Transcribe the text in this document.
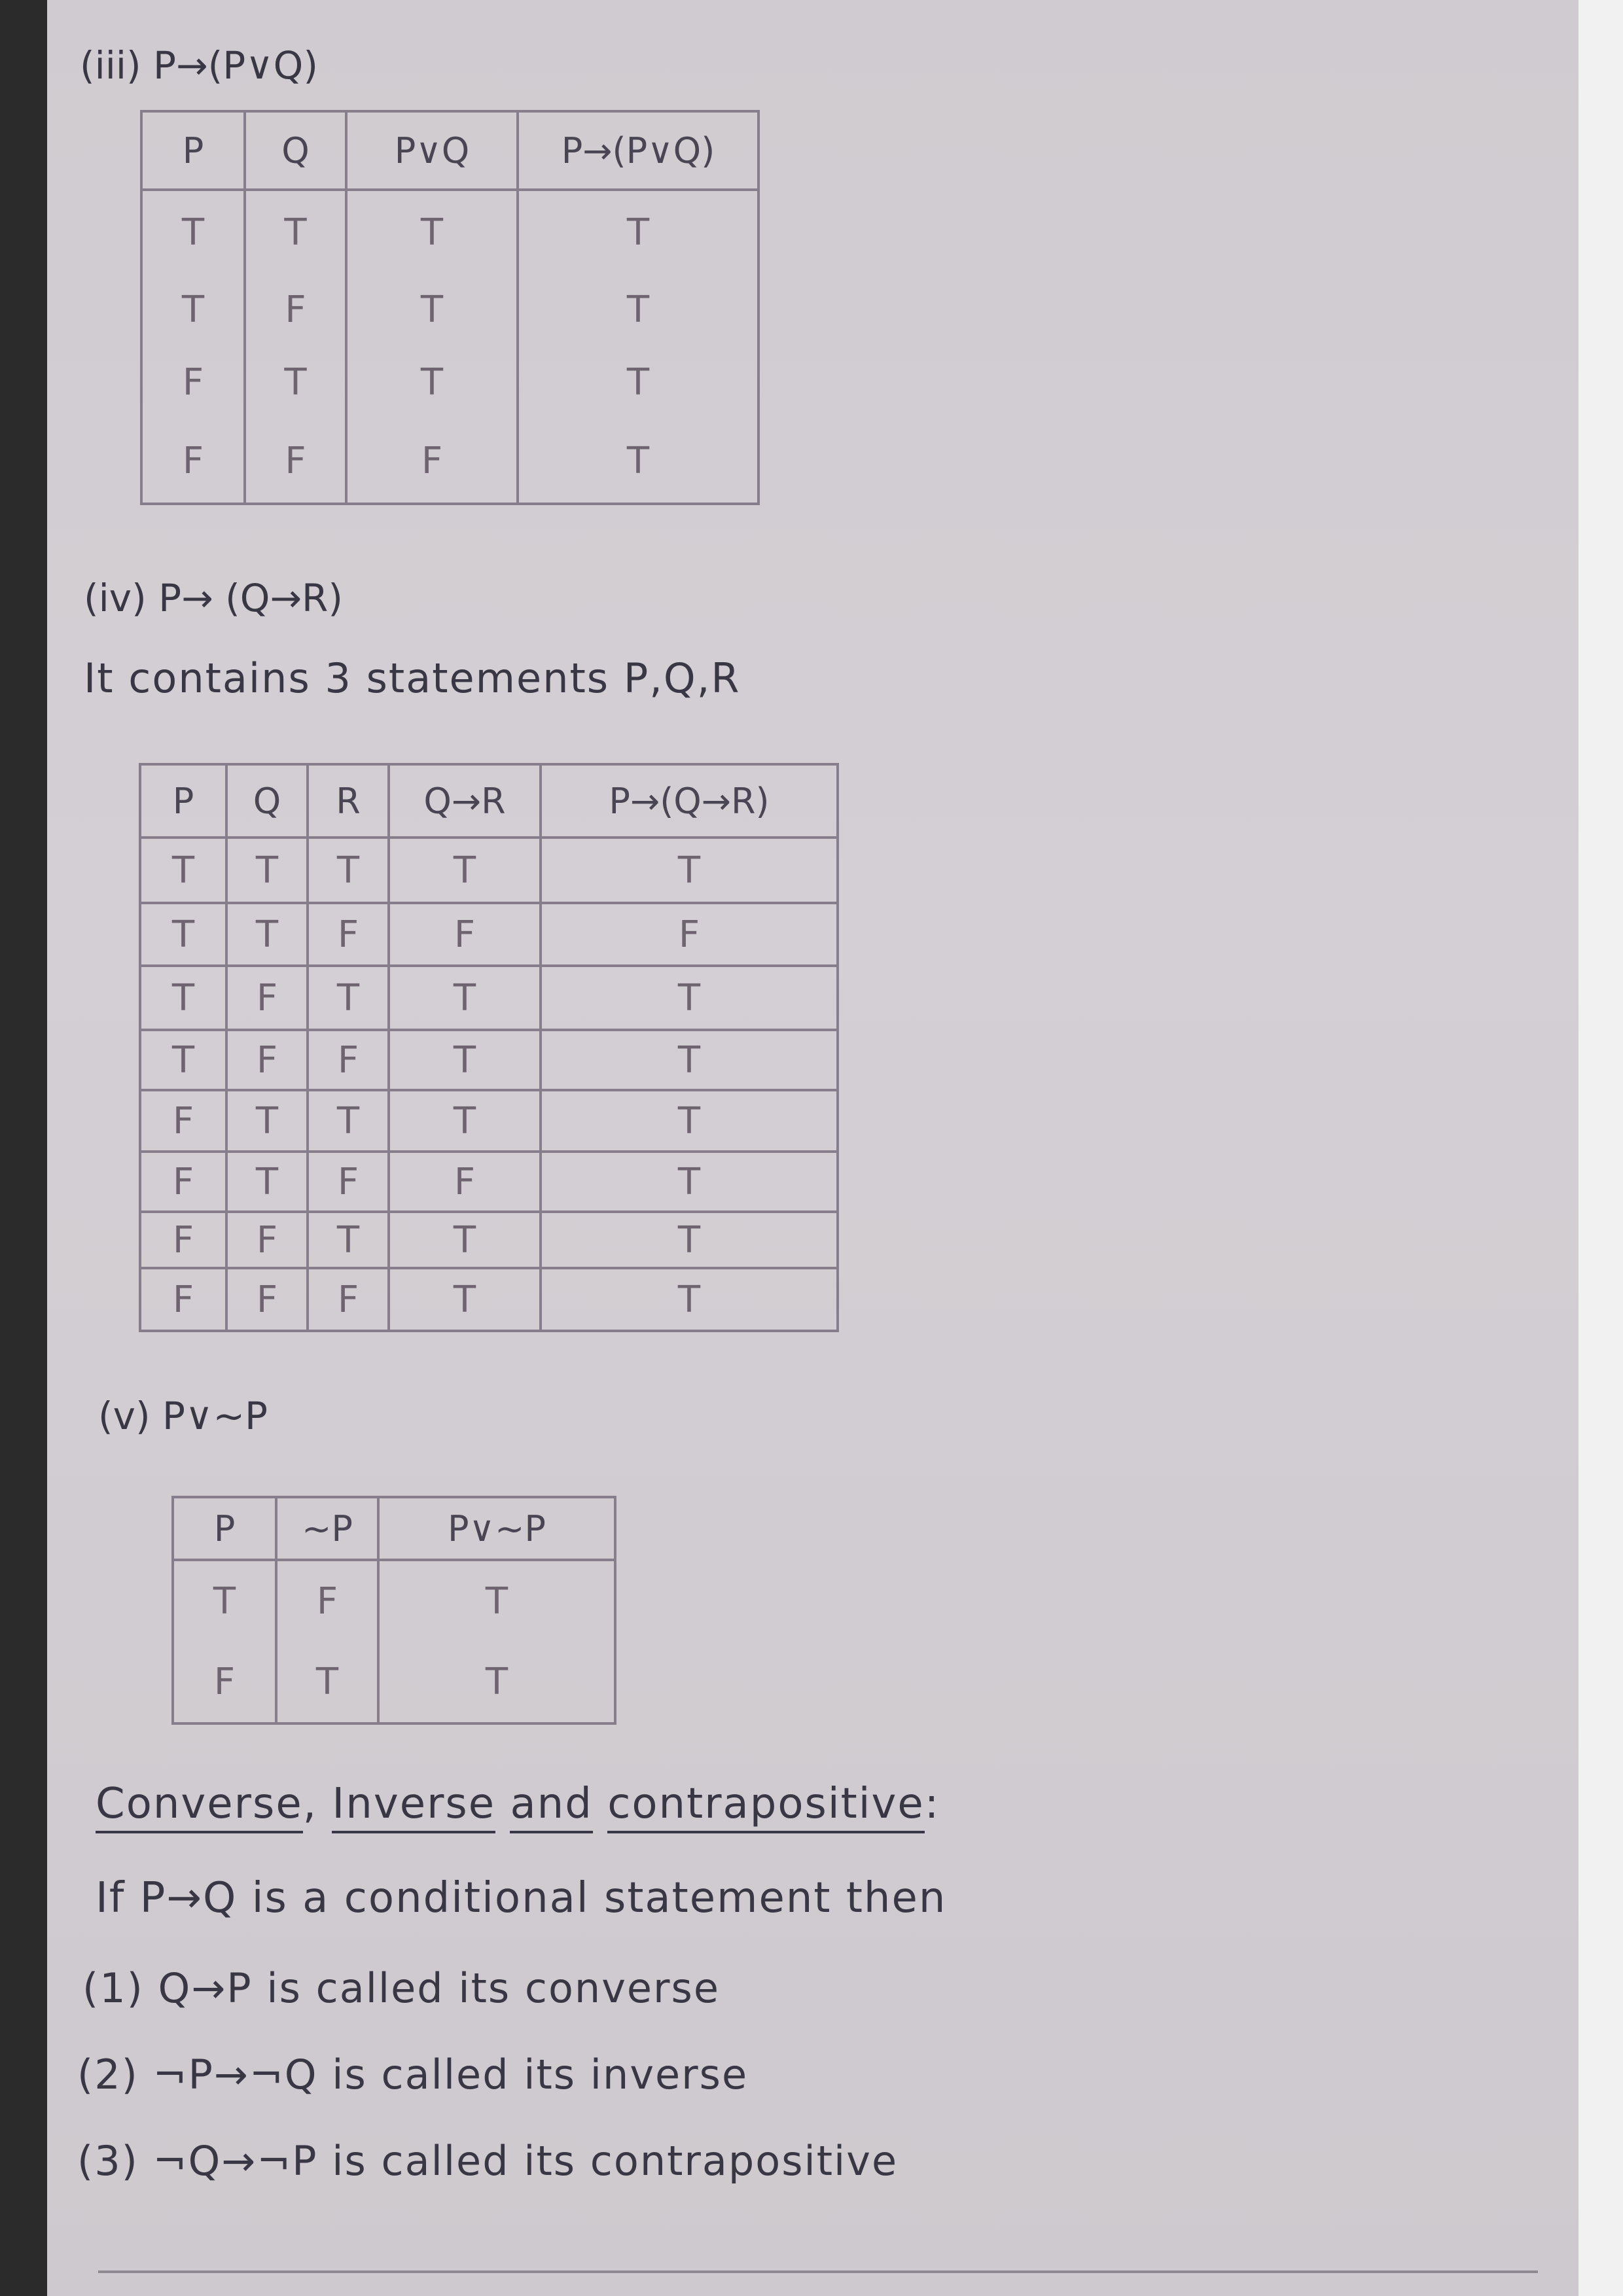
(iii) P→(P∨Q)
P	Q	P∨Q	P→(P∨Q)
T	T	T	T
T	F	T	T
F	T	T	T
F	F	F	T
(iv) P→ (Q→R)
It contains 3 statements P,Q,R
P	Q	R	Q→R	P→(Q→R)
T	T	T	T	T
T	T	F	F	F
T	F	T	T	T
T	F	F	T	T
F	T	T	T	T
F	T	F	F	T
F	F	T	T	T
F	F	F	T	T
(v) P∨∼P
P	∼P	P∨∼P
T	F	T
F	T	T
Converse, Inverse and contrapositive:
If P→Q is a conditional statement then
(1) Q→P is called its converse
(2) ¬P→¬Q is called its inverse
(3) ¬Q→¬P is called its contrapositive
